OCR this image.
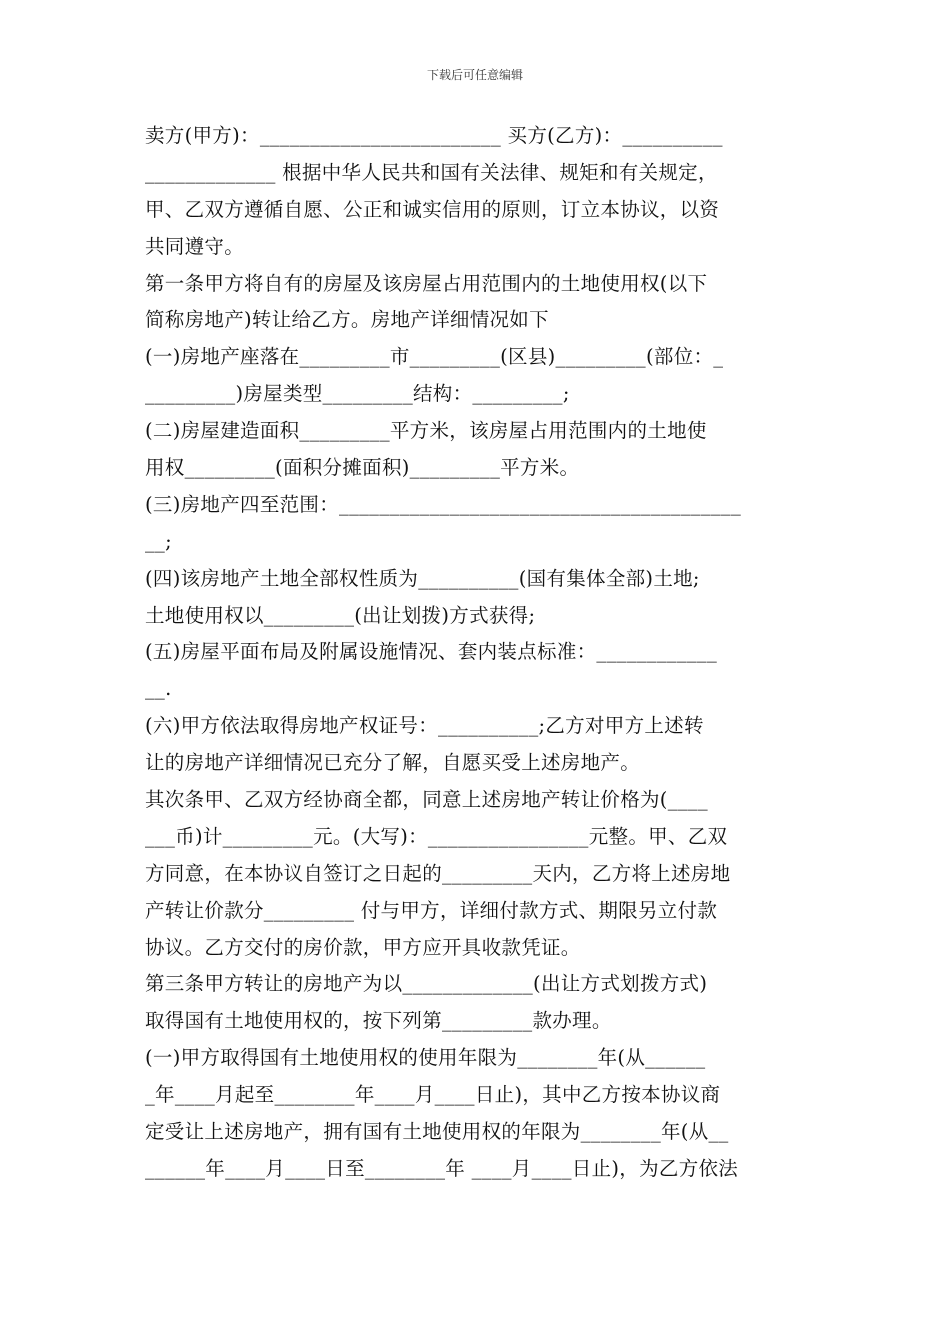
下载后可任意编辑
卖方(甲方)：________________________ 买方(乙方)：__________
_____________ 根据中华人民共和国有关法律、规矩和有关规定，
甲、乙双方遵循自愿、公正和诚实信用的原则，订立本协议，以资
共同遵守。
第一条甲方将自有的房屋及该房屋占用范围内的土地使用权(以下
简称房地产)转让给乙方。房地产详细情况如下
(一)房地产座落在_________市_________(区县)_________(部位：_
_________)房屋类型_________结构：_________;
(二)房屋建造面积_________平方米，该房屋占用范围内的土地使
用权_________(面积分摊面积)_________平方米。
(三)房地产四至范围：________________________________________
__;
(四)该房地产土地全部权性质为__________(国有集体全部)土地;
土地使用权以_________(出让划拨)方式获得;
(五)房屋平面布局及附属设施情况、套内装点标准：____________
__.
(六)甲方依法取得房地产权证号：__________;乙方对甲方上述转
让的房地产详细情况已充分了解，自愿买受上述房地产。
其次条甲、乙双方经协商全都，同意上述房地产转让价格为(____
___币)计_________元。(大写)：________________元整。甲、乙双
方同意，在本协议自签订之日起的_________天内，乙方将上述房地
产转让价款分_________ 付与甲方，详细付款方式、期限另立付款
协议。乙方交付的房价款，甲方应开具收款凭证。
第三条甲方转让的房地产为以_____________(出让方式划拨方式)
取得国有土地使用权的，按下列第_________款办理。
(一)甲方取得国有土地使用权的使用年限为________年(从______
_年____月起至________年____月____日止)，其中乙方按本协议商
定受让上述房地产，拥有国有土地使用权的年限为________年(从__
______年____月____日至________年 ____月____日止)，为乙方依法
